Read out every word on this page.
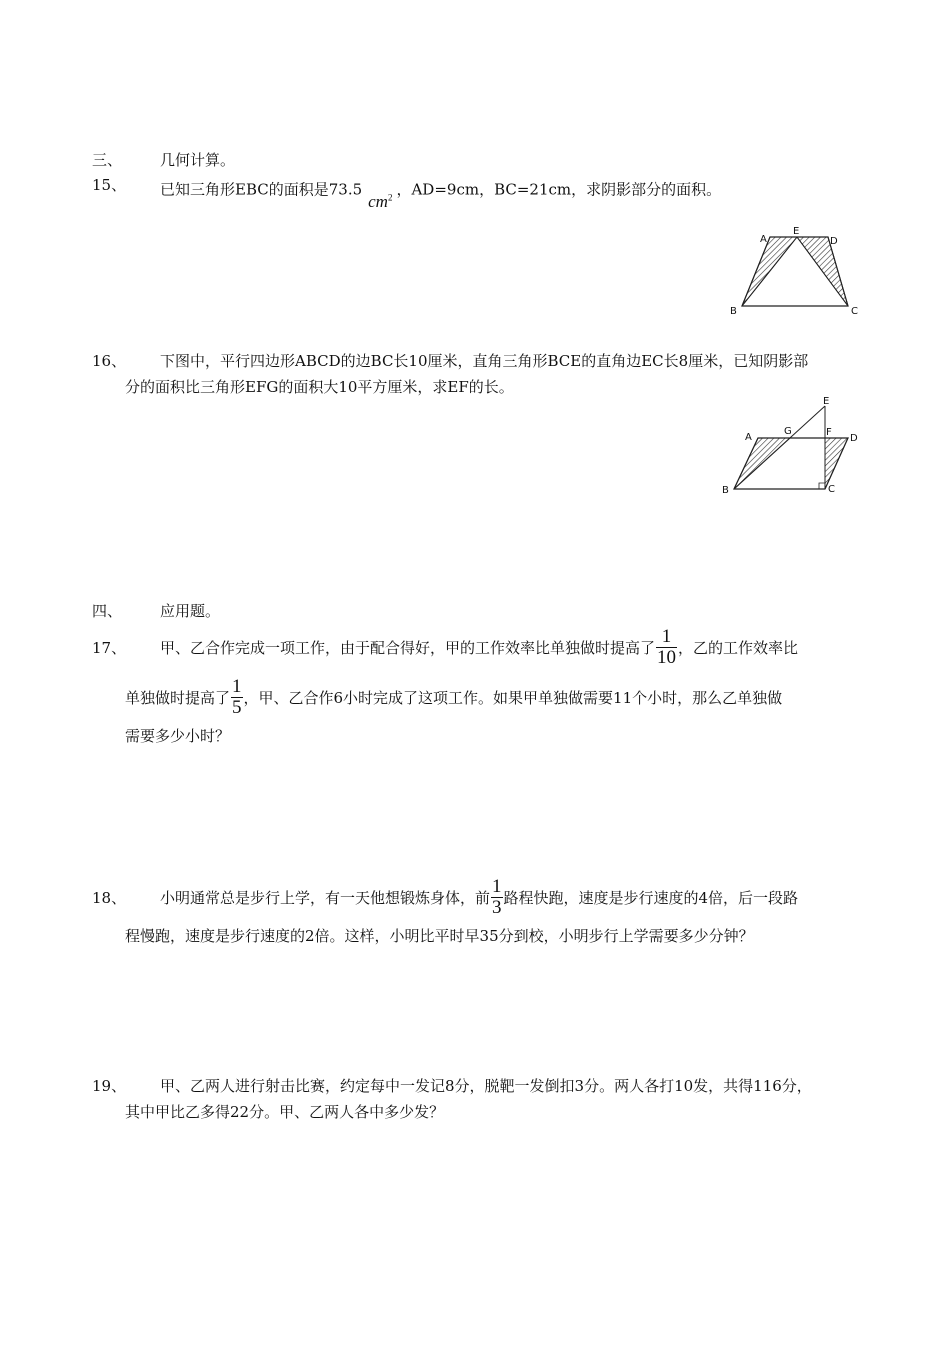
三、	几何计算。
15、 已知三角形EBC的面积是$73.5cm^2$ ，AD=9cm，BC=21cm，求阴影部分的面积。
A
E
D
B	C
16、 下图中，平行四边形ABCD的边BC长10厘米，直角三角形BCE的直角边EC长8厘米，已知阴影部
分的面积比三角形EFG的面积大10平方厘米，求EF的长。
E
A
G	F
D
B	C
四、	应用题。
17、 甲、乙合作完成一项工作，由于配合得好，甲的工作效率比单独做时提高了 $\frac{1}{10}$ ，乙的工作效率比
单独做时提高了 $\frac{1}{5}$ ，甲、乙合作6小时完成了这项工作。如果甲单独做需要11个小时，那么乙单独做
需要多少小时？
18、 小明通常总是步行上学，有一天他想锻炼身体，前 $\frac{1}{3}$ 路程快跑，速度是步行速度的4倍，后一段路
程慢跑，速度是步行速度的2倍。这样，小明比平时早35分到校，小明步行上学需要多少分钟？
19、 甲、乙两人进行射击比赛，约定每中一发记8分，脱靶一发倒扣3分。两人各打10发，共得116分，
其中甲比乙多得22分。甲、乙两人各中多少发？
